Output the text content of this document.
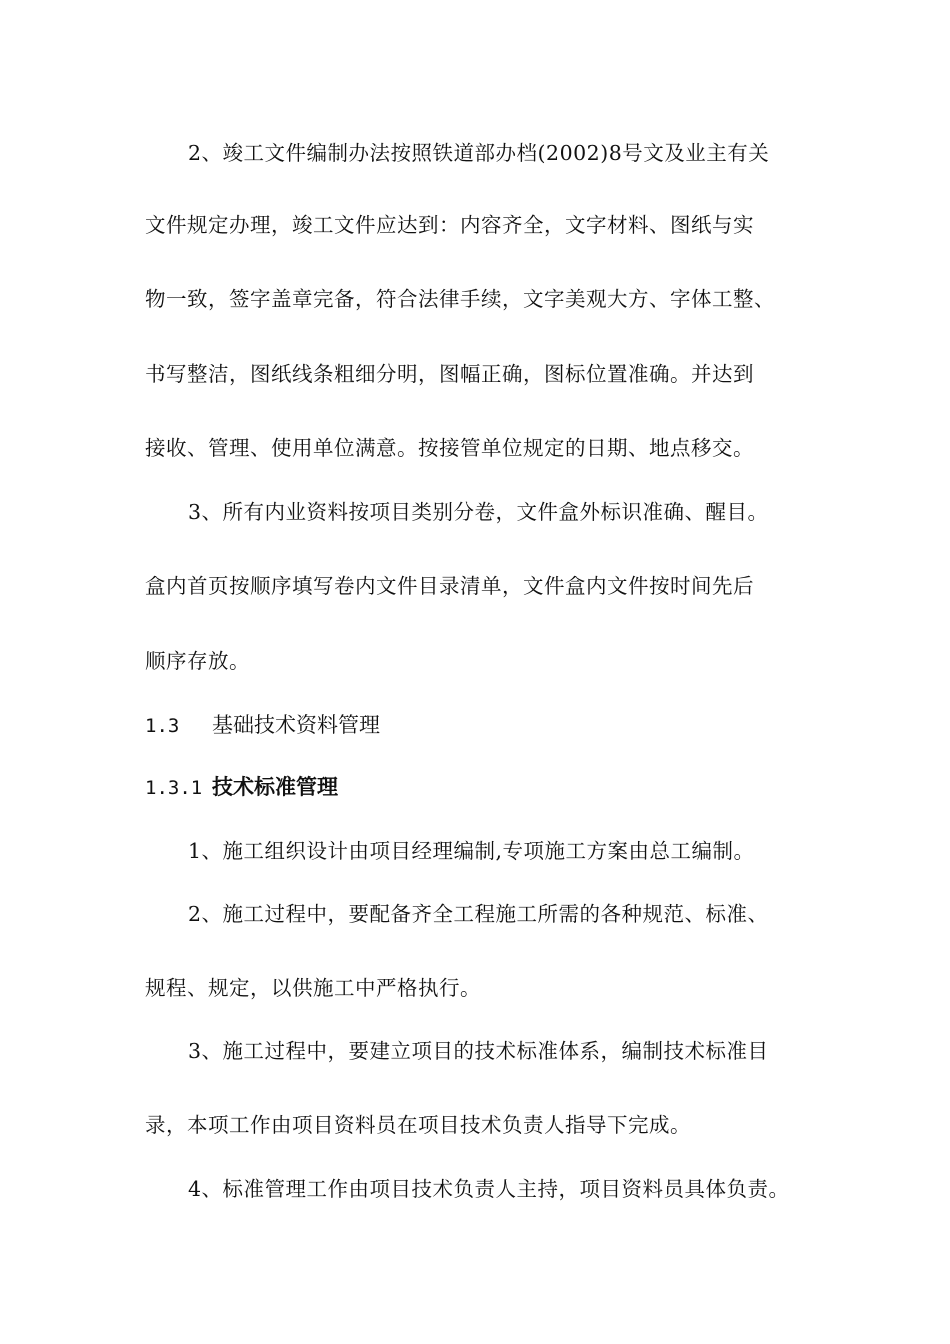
2、竣工文件编制办法按照铁道部办档(2002)8号文及业主有关
文件规定办理，竣工文件应达到：内容齐全，文字材料、图纸与实
物一致，签字盖章完备，符合法律手续，文字美观大方、字体工整、
书写整洁，图纸线条粗细分明，图幅正确，图标位置准确。并达到
接收、管理、使用单位满意。按接管单位规定的日期、地点移交。
3、所有内业资料按项目类别分卷，文件盒外标识准确、醒目。
盒内首页按顺序填写卷内文件目录清单，文件盒内文件按时间先后
顺序存放。
1.3 基础技术资料管理
1.3.1 技术标准管理
1、施工组织设计由项目经理编制,专项施工方案由总工编制。
2、施工过程中，要配备齐全工程施工所需的各种规范、标准、
规程、规定，以供施工中严格执行。
3、施工过程中，要建立项目的技术标准体系，编制技术标准目
录，本项工作由项目资料员在项目技术负责人指导下完成。
4、标准管理工作由项目技术负责人主持，项目资料员具体负责。
